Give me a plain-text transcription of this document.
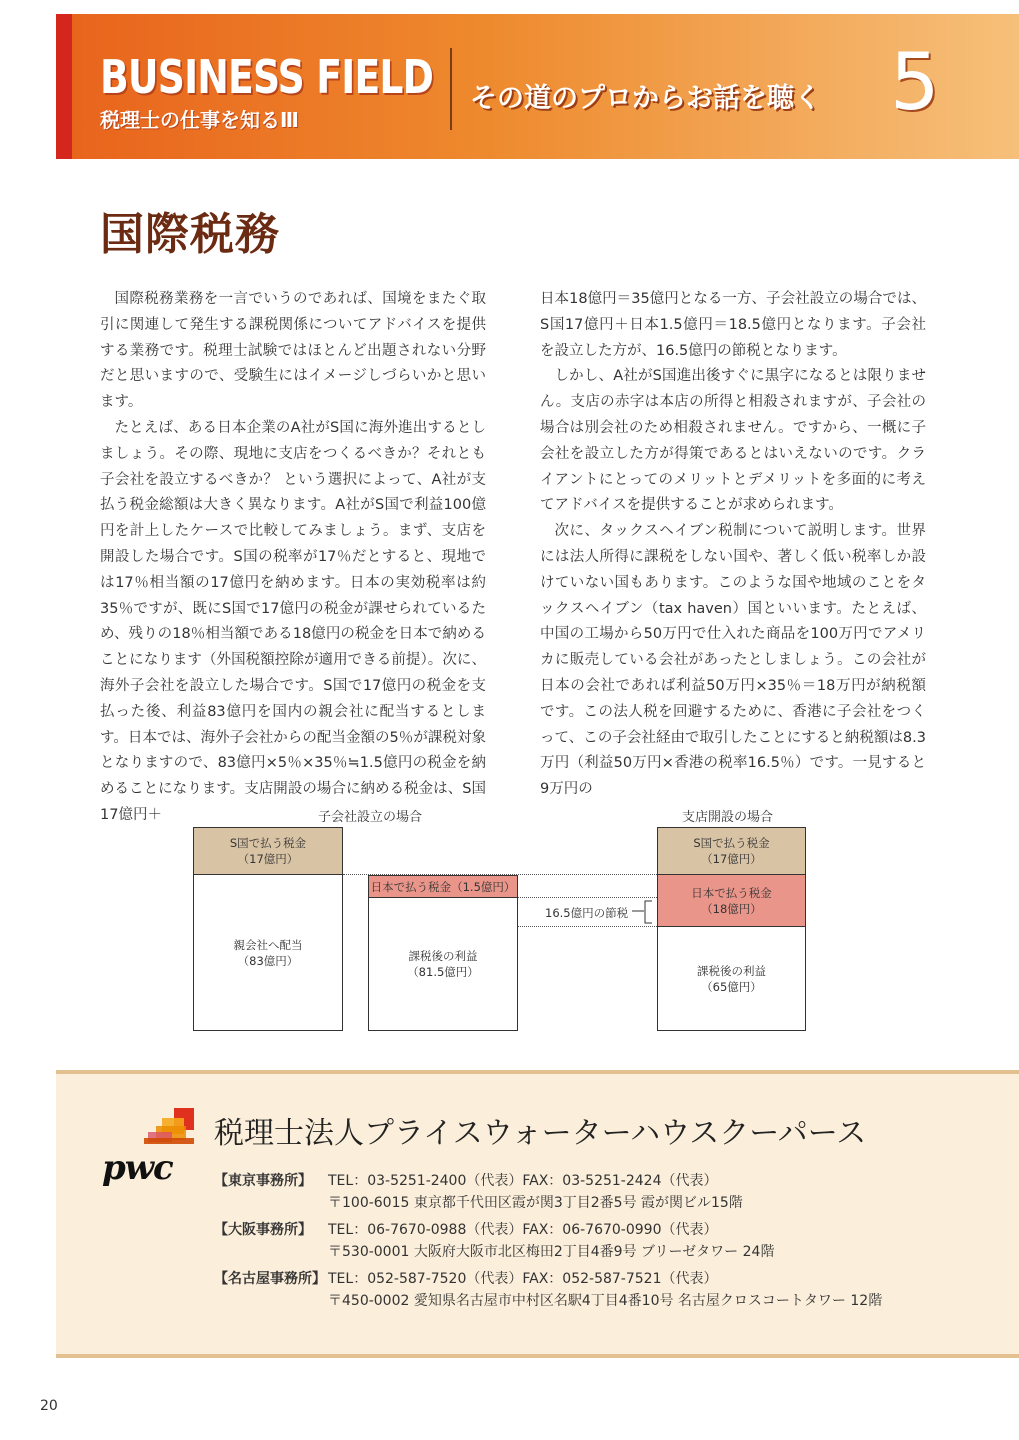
BUSINESS FIELD
税理士の仕事を知るⅢ
その道のプロからお話を聴く 5
国際税務

国際税務業務を一言でいうのであれば、国境をまたぐ取引に関連して発生する課税関係についてアドバイスを提供する業務です。税理士試験ではほとんど出題されない分野だと思いますので、受験生にはイメージしづらいかと思います。

たとえば、ある日本企業のA社がS国に海外進出するとしましょう。その際、現地に支店をつくるべきか？それとも子会社を設立するべきか？ という選択によって、A社が支払う税金総額は大きく異なります。A社がS国で利益100億円を計上したケースで比較してみましょう。まず、支店を開設した場合です。S国の税率が17％だとすると、現地では17％相当額の17億円を納めます。日本の実効税率は約35％ですが、既にS国で17億円の税金が課せられているため、残りの18％相当額である18億円の税金を日本で納めることになります（外国税額控除が適用できる前提）。次に、海外子会社を設立した場合です。S国で17億円の税金を支払った後、利益83億円を国内の親会社に配当するとします。日本では、海外子会社からの配当金額の5％が課税対象となりますので、83億円×5％×35％≒1.5億円の税金を納めることになります。支店開設の場合に納める税金は、S国17億円＋

日本18億円＝35億円となる一方、子会社設立の場合では、S国17億円＋日本1.5億円＝18.5億円となります。子会社を設立した方が、16.5億円の節税となります。

しかし、A社がS国進出後すぐに黒字になるとは限りません。支店の赤字は本店の所得と相殺されますが、子会社の場合は別会社のため相殺されません。ですから、一概に子会社を設立した方が得策であるとはいえないのです。クライアントにとってのメリットとデメリットを多面的に考えてアドバイスを提供することが求められます。

次に、タックスヘイブン税制について説明します。世界には法人所得に課税をしない国や、著しく低い税率しか設けていない国もあります。このような国や地域のことをタックスヘイブン（tax haven）国といいます。たとえば、中国の工場から50万円で仕入れた商品を100万円でアメリカに販売している会社があったとしましょう。この会社が日本の会社であれば利益50万円×35％＝18万円が納税額です。この法人税を回避するために、香港に子会社をつくって、この子会社経由で取引したことにすると納税額は8.3万円（利益50万円×香港の税率16.5％）です。一見すると9万円の

子会社設立の場合	支店開設の場合
S国で払う税金
（17億円）
親会社へ配当
（83億円）
日本で払う税金（1.5億円）
課税後の利益
（81.5億円）
16.5億円の節税
S国で払う税金
（17億円）
日本で払う税金
（18億円）
課税後の利益
（65億円）
pwc
税理士法人プライスウォーターハウスクーパース
【東京事務所】 TEL：03-5251-2400（代表）FAX：03-5251-2424（代表）
〒100-6015 東京都千代田区霞が関3丁目2番5号 霞が関ビル15階
【大阪事務所】 TEL：06-7670-0988（代表）FAX：06-7670-0990（代表）
〒530-0001 大阪府大阪市北区梅田2丁目4番9号 ブリーゼタワー 24階
【名古屋事務所】 TEL：052-587-7520（代表）FAX：052-587-7521（代表）
〒450-0002 愛知県名古屋市中村区名駅4丁目4番10号 名古屋クロスコートタワー 12階
20
